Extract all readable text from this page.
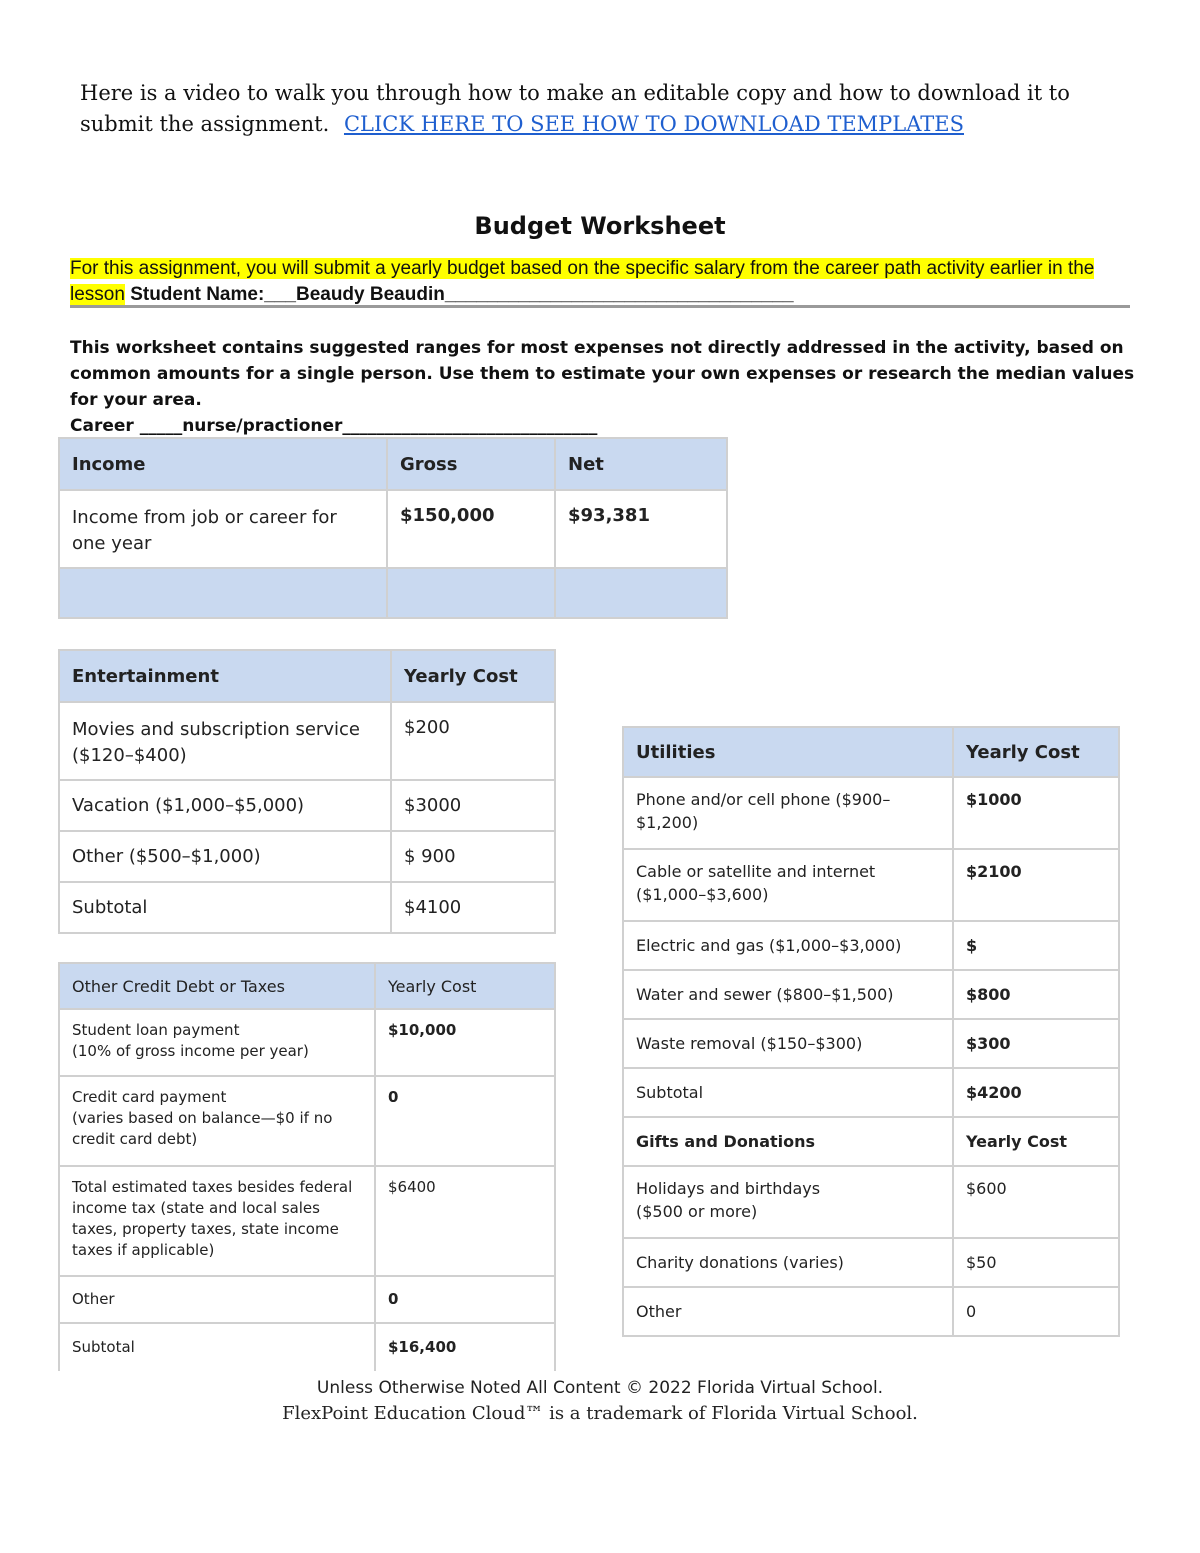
Here is a video to walk you through how to make an editable copy and how to download it to submit the assignment. CLICK HERE TO SEE HOW TO DOWNLOAD TEMPLATES
Budget Worksheet
For this assignment, you will submit a yearly budget based on the specific salary from the career path activity earlier in the lesson Student Name:___Beaudy Beaudin_________________________________
This worksheet contains suggested ranges for most expenses not directly addressed in the activity, based on common amounts for a single person. Use them to estimate your own expenses or research the median values for your area.
Career _____nurse/practioner______________________________
Income	Gross	Net
Income from job or career for one year	$150,000	$93,381

Entertainment	Yearly Cost
Movies and subscription service ($120–$400)	$200
Vacation ($1,000–$5,000)	$3000
Other ($500–$1,000)	$ 900
Subtotal	$4100
Other Credit Debt or Taxes	Yearly Cost

Student loan payment
(10% of gross income per year)	$10,000

Credit card payment
(varies based on balance—$0 if no credit card debt)	0
Total estimated taxes besides federal income tax (state and local sales taxes, property taxes, state income taxes if applicable)	$6400
Other	0
Subtotal	$16,400
Utilities	Yearly Cost
Phone and/or cell phone ($900–$1,200)	$1000
Cable or satellite and internet ($1,000–$3,600)	$2100
Electric and gas ($1,000–$3,000)	$
Water and sewer ($800–$1,500)	$800
Waste removal ($150–$300)	$300
Subtotal	$4200
Gifts and Donations	Yearly Cost

Holidays and birthdays
($500 or more)	$600
Charity donations (varies)	$50
Other	0
Unless Otherwise Noted All Content © 2022 Florida Virtual School.
FlexPoint Education Cloud™ is a trademark of Florida Virtual School.
